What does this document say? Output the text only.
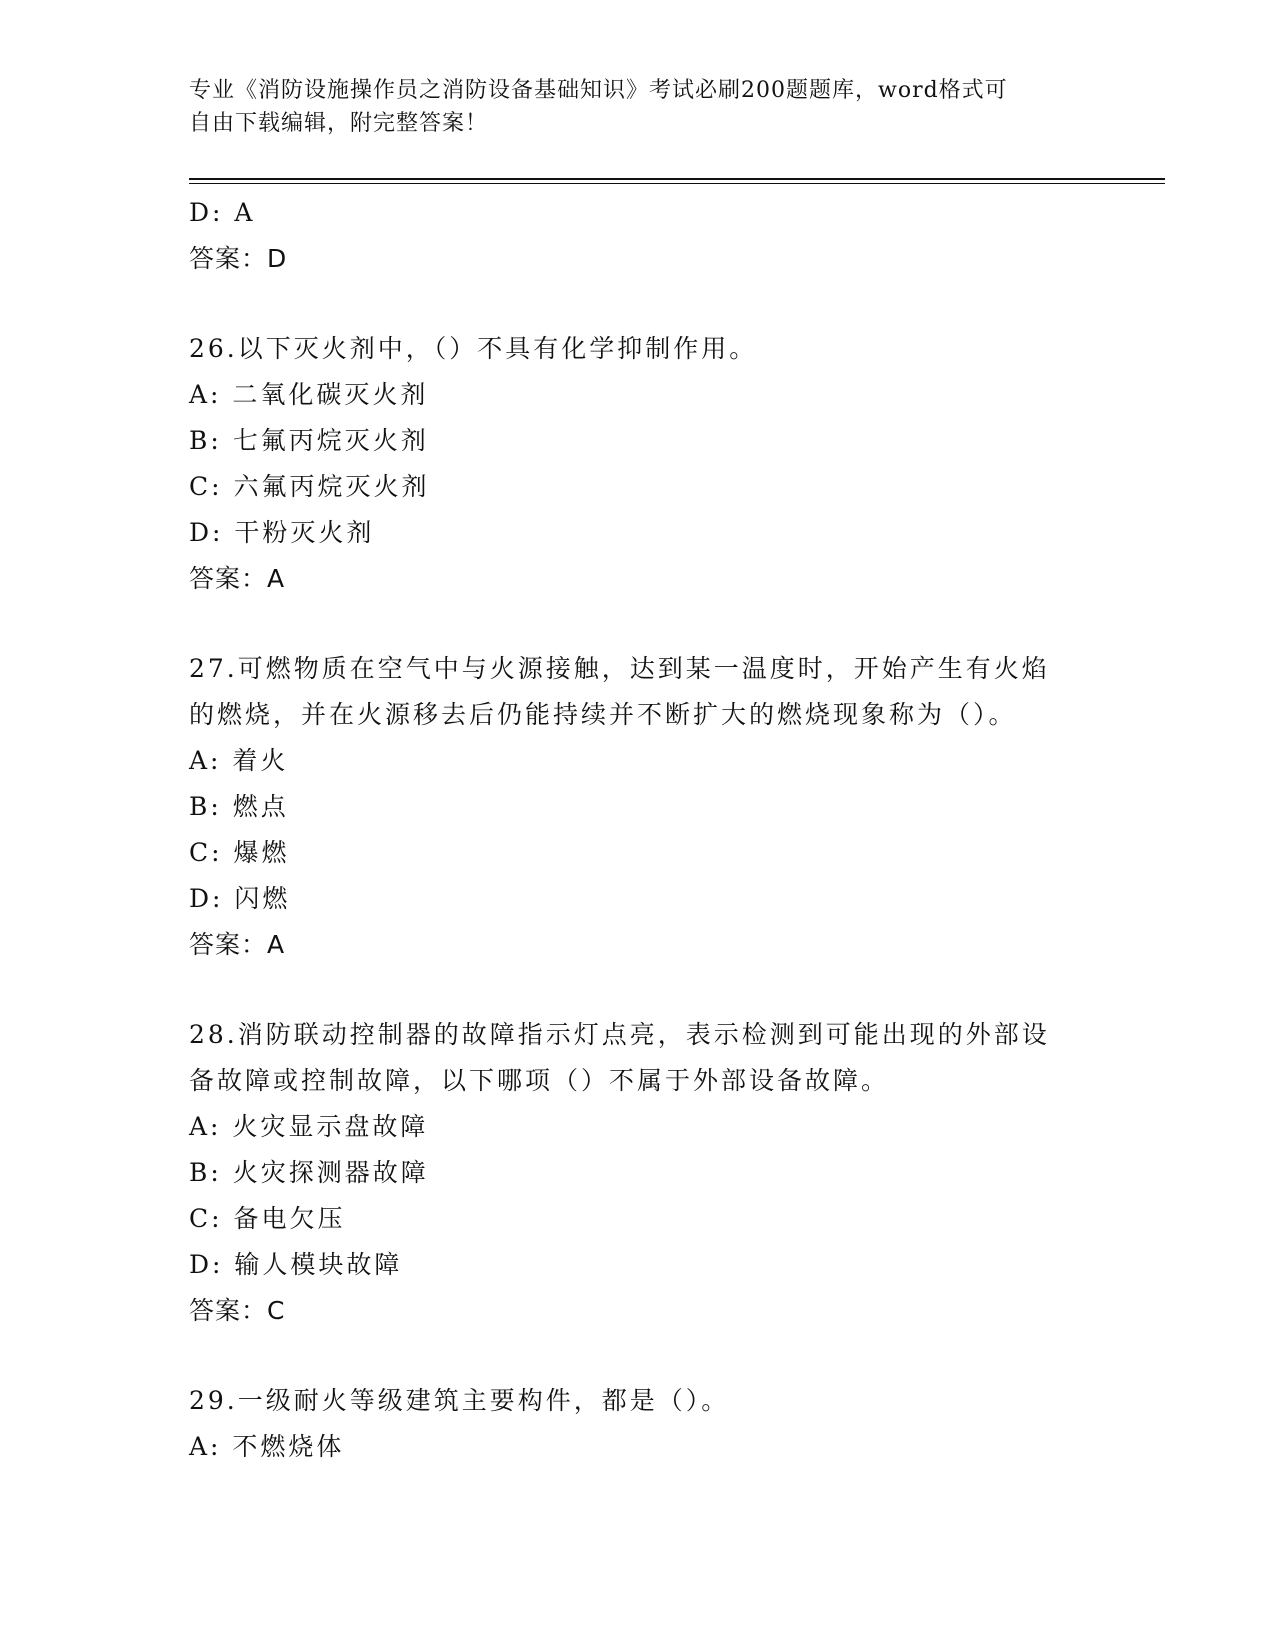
专业《消防设施操作员之消防设备基础知识》考试必刷200题题库，word格式可
自由下载编辑，附完整答案！
D: A
答案：D
26.以下灭火剂中，（）不具有化学抑制作用。
A: 二氧化碳灭火剂
B: 七氟丙烷灭火剂
C: 六氟丙烷灭火剂
D: 干粉灭火剂
答案：A
27.可燃物质在空气中与火源接触，达到某一温度时，开始产生有火焰
的燃烧，并在火源移去后仍能持续并不断扩大的燃烧现象称为（）。
A: 着火
B: 燃点
C: 爆燃
D: 闪燃
答案：A
28.消防联动控制器的故障指示灯点亮，表示检测到可能出现的外部设
备故障或控制故障，以下哪项（）不属于外部设备故障。
A: 火灾显示盘故障
B: 火灾探测器故障
C: 备电欠压
D: 输人模块故障
答案：C
29.一级耐火等级建筑主要构件，都是（）。
A: 不燃烧体
